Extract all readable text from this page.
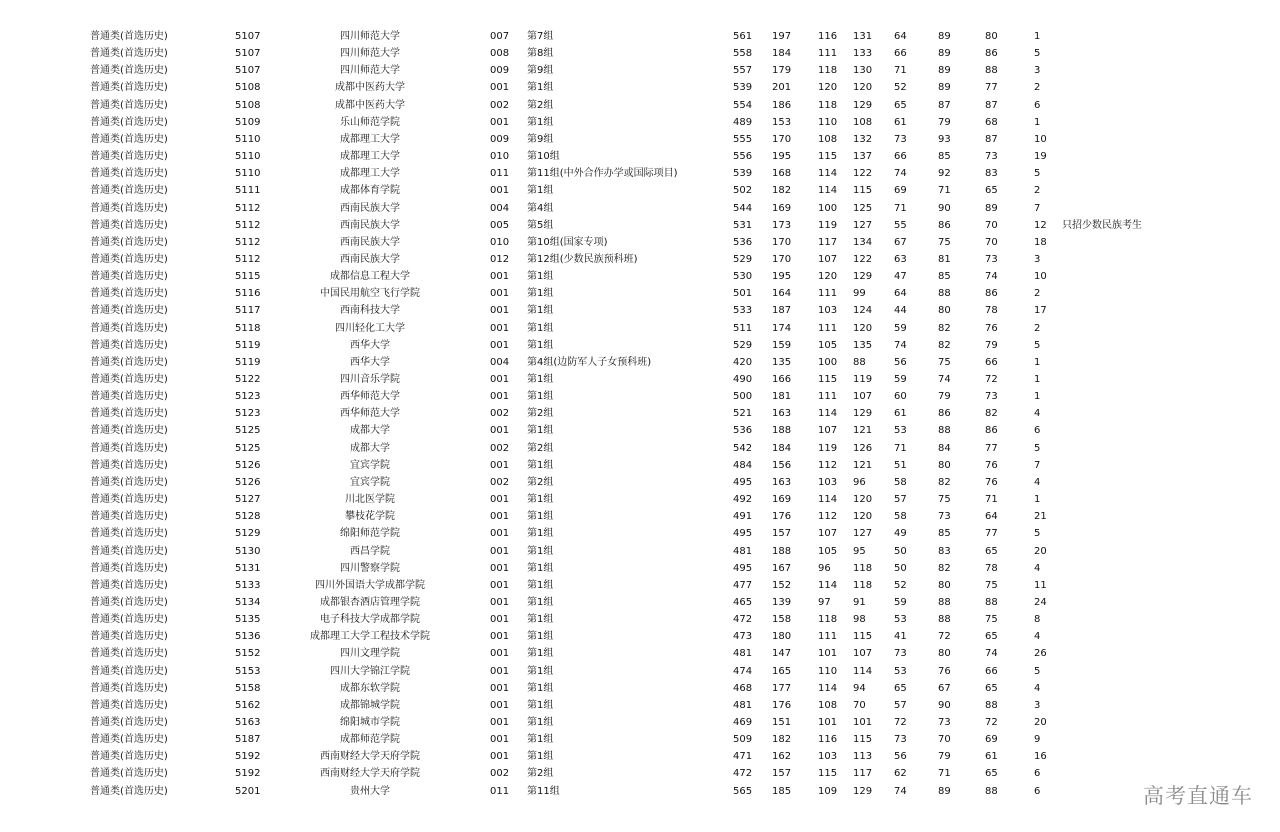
普通类(首选历史)	5107	四川师范大学	007 第7组	561 197	116 131 64	89	80	1
普通类(首选历史)	5107	四川师范大学	008 第8组	558 184	111 133 66	89	86	5
普通类(首选历史)	5107	四川师范大学	009 第9组	557 179	118 130 71	89	88	3
普通类(首选历史)	5108	成都中医药大学	001 第1组	539 201	120 120 52	89	77	2
普通类(首选历史)	5108	成都中医药大学	002 第2组	554 186	118 129 65	87	87	6
普通类(首选历史)	5109	乐山师范学院	001 第1组	489 153	110 108 61	79	68	1
普通类(首选历史)	5110	成都理工大学	009 第9组	555 170	108 132 73	93	87	10
普通类(首选历史)	5110	成都理工大学	010 第10组	556 195	115 137 66	85	73	19
普通类(首选历史)	5110	成都理工大学	011 第11组(中外合作办学或国际项目)	539 168	114 122 74	92	83	5
普通类(首选历史)	5111	成都体育学院	001 第1组	502 182	114 115 69	71	65	2
普通类(首选历史)	5112	西南民族大学	004 第4组	544 169	100 125 71	90	89	7
普通类(首选历史)	5112	西南民族大学	005 第5组	531 173	119 127 55	86	70	12 只招少数民族考生
普通类(首选历史)	5112	西南民族大学	010 第10组(国家专项)	536 170	117 134 67	75	70	18
普通类(首选历史)	5112	西南民族大学	012 第12组(少数民族预科班)	529 170	107 122 63	81	73	3
普通类(首选历史)	5115	成都信息工程大学	001 第1组	530 195	120 129 47	85	74	10
普通类(首选历史)	5116	中国民用航空飞行学院	001 第1组	501 164	111 99	64	88	86	2
普通类(首选历史)	5117	西南科技大学	001 第1组	533 187	103 124 44	80	78	17
普通类(首选历史)	5118	四川轻化工大学	001 第1组	511 174	111 120 59	82	76	2
普通类(首选历史)	5119	西华大学	001 第1组	529 159	105 135 74	82	79	5
普通类(首选历史)	5119	西华大学	004 第4组(边防军人子女预科班)	420 135	100 88	56	75	66	1
普通类(首选历史)	5122	四川音乐学院	001 第1组	490 166	115 119 59	74	72	1
普通类(首选历史)	5123	西华师范大学	001 第1组	500 181	111 107 60	79	73	1
普通类(首选历史)	5123	西华师范大学	002 第2组	521 163	114 129 61	86	82	4
普通类(首选历史)	5125	成都大学	001 第1组	536 188	107 121 53	88	86	6
普通类(首选历史)	5125	成都大学	002 第2组	542 184	119 126 71	84	77	5
普通类(首选历史)	5126	宜宾学院	001 第1组	484 156	112 121 51	80	76	7
普通类(首选历史)	5126	宜宾学院	002 第2组	495 163	103 96	58	82	76	4
普通类(首选历史)	5127	川北医学院	001 第1组	492 169	114 120 57	75	71	1
普通类(首选历史)	5128	攀枝花学院	001 第1组	491 176	112 120 58	73	64	21
普通类(首选历史)	5129	绵阳师范学院	001 第1组	495 157	107 127 49	85	77	5
普通类(首选历史)	5130	西昌学院	001 第1组	481 188	105 95	50	83	65	20
普通类(首选历史)	5131	四川警察学院	001 第1组	495 167	96 118 50	82	78	4
普通类(首选历史)	5133	四川外国语大学成都学院	001 第1组	477 152	114 118 52	80	75	11
普通类(首选历史)	5134	成都银杏酒店管理学院	001 第1组	465 139	97 91	59	88	88	24
普通类(首选历史)	5135	电子科技大学成都学院	001 第1组	472 158	118 98	53	88	75	8
普通类(首选历史)	5136	成都理工大学工程技术学院	001 第1组	473 180	111 115 41	72	65	4
普通类(首选历史)	5152	四川文理学院	001 第1组	481 147	101 107 73	80	74	26
普通类(首选历史)	5153	四川大学锦江学院	001 第1组	474 165	110 114 53	76	66	5
普通类(首选历史)	5158	成都东软学院	001 第1组	468 177	114 94	65	67	65	4
普通类(首选历史)	5162	成都锦城学院	001 第1组	481 176	108 70	57	90	88	3
普通类(首选历史)	5163	绵阳城市学院	001 第1组	469 151	101 101 72	73	72	20
普通类(首选历史)	5187	成都师范学院	001 第1组	509 182	116 115 73	70	69	9
普通类(首选历史)	5192	西南财经大学天府学院	001 第1组	471 162	103 113 56	79	61	16
普通类(首选历史)	5192	西南财经大学天府学院	002 第2组	472 157	115 117 62	71	65	6
普通类(首选历史)	5201	贵州大学	011 第11组	565 185	109 129 74	89	88	6	高考直通车
